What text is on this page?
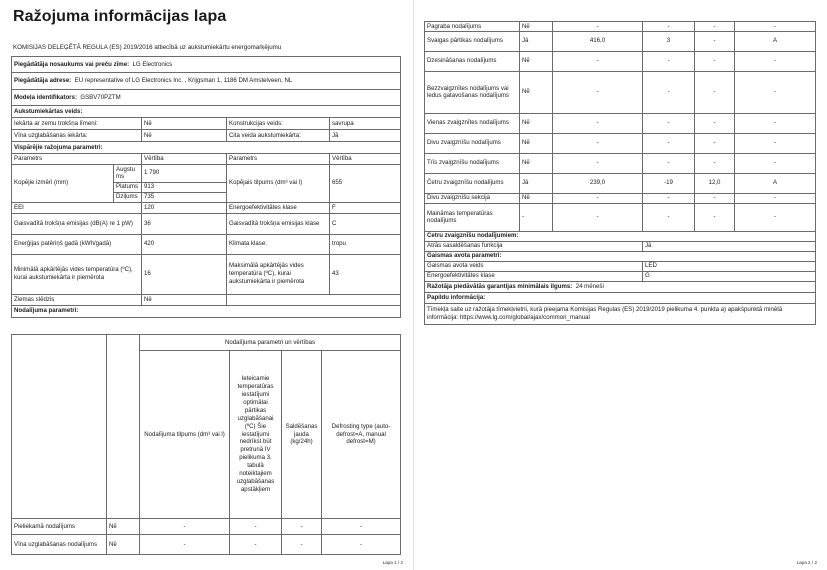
Ražojuma informācijas lapa
KOMISIJAS DELEĢĒTĀ REGULA (ES) 2019/2016 attiecībā uz aukstumiekārtu energomarķējumu
Piegādātāja nosaukums vai preču zīme: LG Electronics				
Piegādātāja adrese: EU representative of LG Electronics Inc. , Krijgsman 1, 1186 DM Amstelveen, NL				
Modeļa identifikators: GSBV70PZTM				
Aukstumiekārtas veids:				
Iekārta ar zemu trokšņa līmeni:		Nē	Konstrukcijas veids:	savrupa
Vīna uzglabāšanas iekārta:		Nē	Cita veida aukstumiekārta:	Jā
Vispārējie ražojuma parametri:				
Parametrs		Vērtība	Parametrs	Vērtība
Kopējie izmēri (mm)	Augstums	1 790	Kopējais tilpums (dm³ vai l)	655
	Platums	913		
	Dziļums	735		
EEI		120	Energoefektivitātes klase	F
Gaisvadītā trokšņa emisijas (dB(A) re 1 pW)		36	Gaisvadītā trokšņa emisijas klase	C
Enerģijas patēriņš gadā (kWh/gadā)		420	Klimata klase:	tropu
Minimālā apkārtējās vides temperatūra (ºC), kurai aukstumiekārta ir piemērota		16	Maksimālā apkārtējās vides temperatūra (ºC), kurai aukstumiekārta ir piemērota	43
Ziemas slēdzis		Nē		
Nodalījuma parametri:				
		Nodalījuma parametri un vērtības			
		Nodalījuma tilpums (dm³ vai l)	Ieteicamie temperatūras iestatījumi optimālai pārtikas uzglabāšanai (ºC) Šie iestatījumi nedrīkst būt pretrunā IV pielikuma 3. tabulā noteiktajiem uzglabāšanas apstākļiem	Saldēšanas jauda (kg/24h)	Defrosting type (auto-defrost=A, manual defrost=M)
Pieliekamā nodalījums	Nē	-	-	-	-
Vīna uzglabāšanas nodalījums	Nē	-	-	-	-
Lapa 1 / 2
Pagraba nodalījums	Nē	-	-	-	-
Svaigas pārtikas nodalījums	Jā	416,0	3	-	A
Dzesināšanas nodalījums	Nē	-	-	-	-
Bezzvaigznītes nodalījums vai ledus gatavošanas nodalījums	Nē	-	-	-	-
Vienas zvaigznītes nodalījums	Nē	-	-	-	-
Divu zvaigznīšu nodalījums	Nē	-	-	-	-
Trīs zvaigznīšu nodalījums	Nē	-	-	-	-
Četru zvaigznīšu nodalījums	Jā	239,0	-19	12,0	A
Divu zvaigznīšu sekcija	Nē	-	-	-	-
Maināmas temperatūras nodalījums	-	-	-	-	-
Četru zvaigznīšu nodalījumiem:					
Ātrās sasaldēšanas funkcija			Jā		
Gaismas avota parametri:					
Gaismas avota veids			LED		
Energoefektivitātes klase			G		
Ražotāja piedāvātās garantijas minimālais ilgums: 24 mēneši					
Papildu informācija:					
Tīmekļa saite uz ražotāja tīmekļvietni, kurā pieejama Komisijas Regulas (ES) 2019/2019 pielikuma 4. punkta a) apakšpunktā minētā informācija: https://www.lg.com/global/ajax/common_manual					
Lapa 2 / 2
